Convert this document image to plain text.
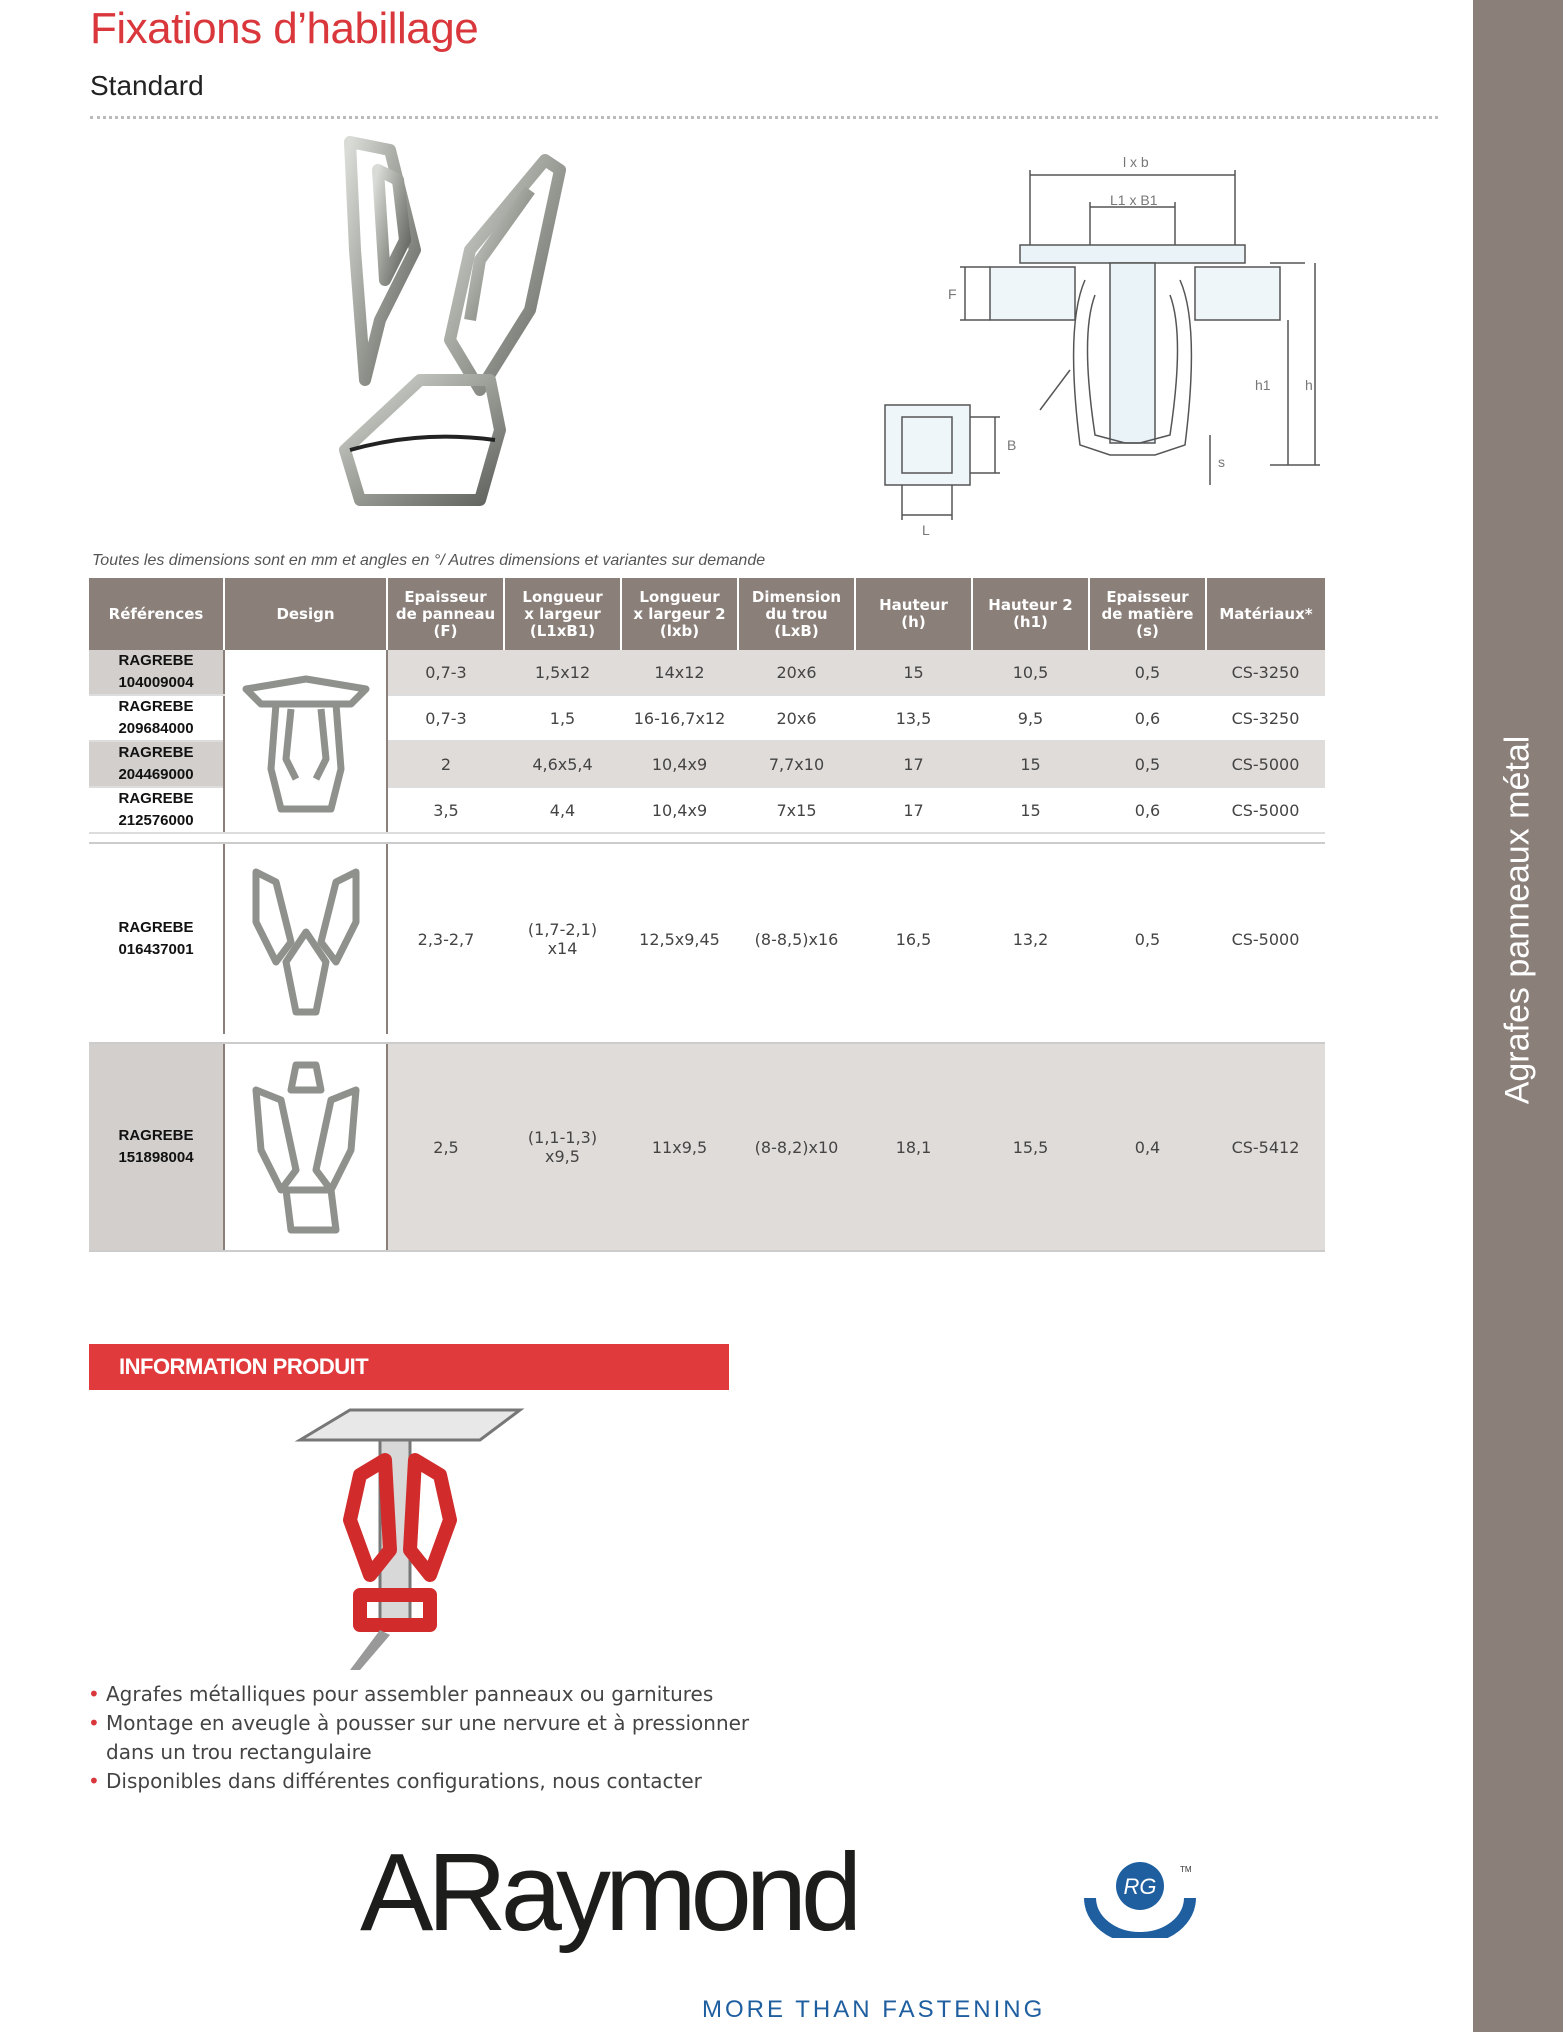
Fixations d’habillage
Standard
Agrafes panneaux métal
l x b
L1 x B1
F
h1 h
B
L
s
Toutes les dimensions sont en mm et angles en °/ Autres dimensions et variantes sur demande
Références	Design	Epaisseur
de panneau
(F)	Longueur
x largeur
(L1xB1)	Longueur
x largeur 2
(lxb)	Dimension
du trou
(LxB)	Hauteur
(h)	Hauteur 2
(h1)	Epaisseur
de matière
(s)	Matériaux*
RAGREBE
104009004		0,7-3	1,5x12	14x12	20x6	15	10,5	0,5	CS-3250
RAGREBE
209684000		0,7-3	1,5	16-16,7x12	20x6	13,5	9,5	0,6	CS-3250
RAGREBE
204469000		2	4,6x5,4	10,4x9	7,7x10	17	15	0,5	CS-5000
RAGREBE
212576000		3,5	4,4	10,4x9	7x15	17	15	0,6	CS-5000

RAGREBE
016437001		2,3-2,7	(1,7-2,1)
x14	12,5x9,45	(8-8,5)x16	16,5	13,2	0,5	CS-5000

RAGREBE
151898004		2,5	(1,1-1,3)
x9,5	11x9,5	(8-8,2)x10	18,1	15,5	0,4	CS-5412
INFORMATION PRODUIT
• Agrafes métalliques pour assembler panneaux ou garnitures
• Montage en aveugle à pousser sur une nervure et à pressionner dans un trou rectangulaire
• Disponibles dans différentes configurations, nous contacter
ARaymond	RG
TM
MORE THAN FASTENING
